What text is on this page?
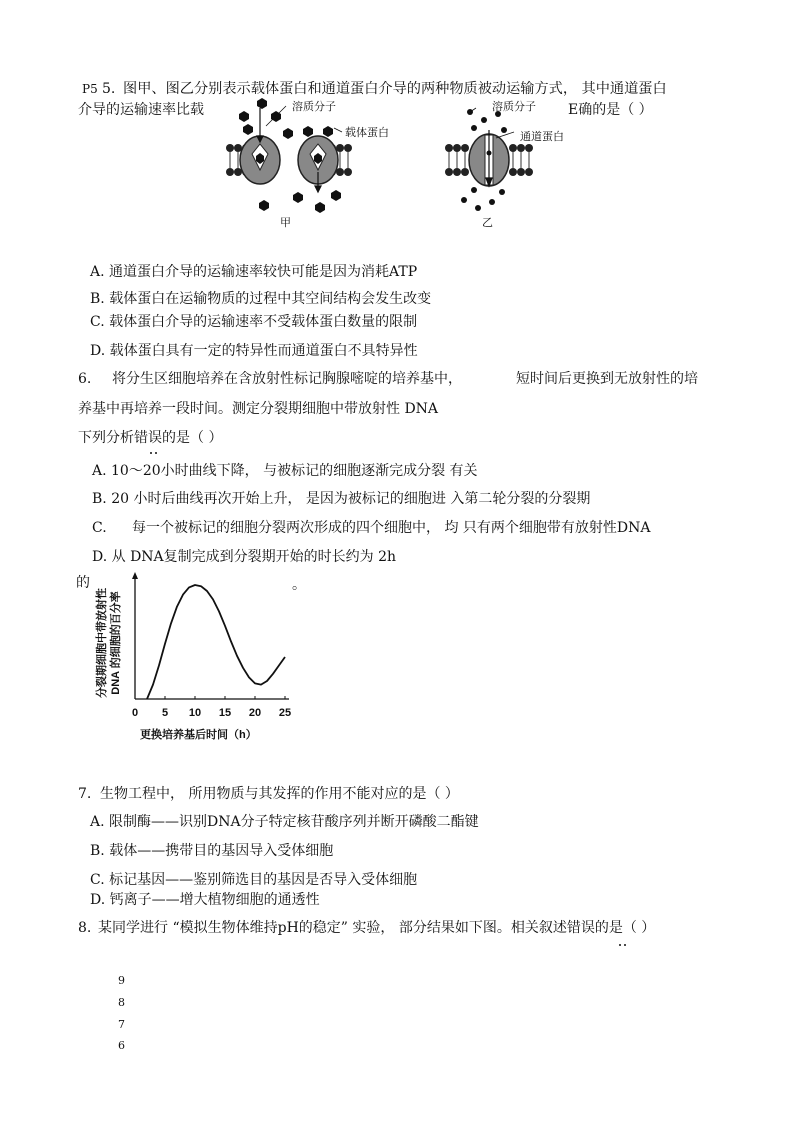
P5 5. 图甲、图乙分别表示载体蛋白和通道蛋白介导的两种物质被动运输方式， 其中通道蛋白
介导的运输速率比载	E确的是（ ）
溶质分子
载体蛋白
甲
溶质分子
通道蛋白
乙
A. 通道蛋白介导的运输速率较快可能是因为消耗ATP
B. 载体蛋白在运输物质的过程中其空间结构会发生改变
C. 载体蛋白介导的运输速率不受载体蛋白数量的限制
D. 载体蛋白具有一定的特异性而通道蛋白不具特异性
6. 将分生区细胞培养在含放射性标记胸腺嘧啶的培养基中，	短时间后更换到无放射性的培
养基中再培养一段时间。测定分裂期细胞中带放射性 DNA
下列分析错误的是（ ）
A. 10～20小时曲线下降， 与被标记的细胞逐渐完成分裂 有关
B. 20 小时后曲线再次开始上升， 是因为被标记的细胞进 入第二轮分裂的分裂期
C. 每一个被标记的细胞分裂两次形成的四个细胞中， 均 只有两个细胞带有放射性DNA
D. 从 DNA复制完成到分裂期开始的时长约为 2h
的	。
0 5 10 15 20 25
更换培养基后时间（h）
分裂期细胞中带放射性 DNA 的细胞的百分率
7. 生物工程中， 所用物质与其发挥的作用不能对应的是（ ）
A. 限制酶——识别DNA分子特定核苷酸序列并断开磷酸二酯键
B. 载体——携带目的基因导入受体细胞
C. 标记基因——鉴别筛选目的基因是否导入受体细胞
D. 钙离子——增大植物细胞的通透性
8. 某同学进行 “模拟生物体维持pH的稳定” 实验， 部分结果如下图。相关叙述错误的是（ ）
9
8
7
6
